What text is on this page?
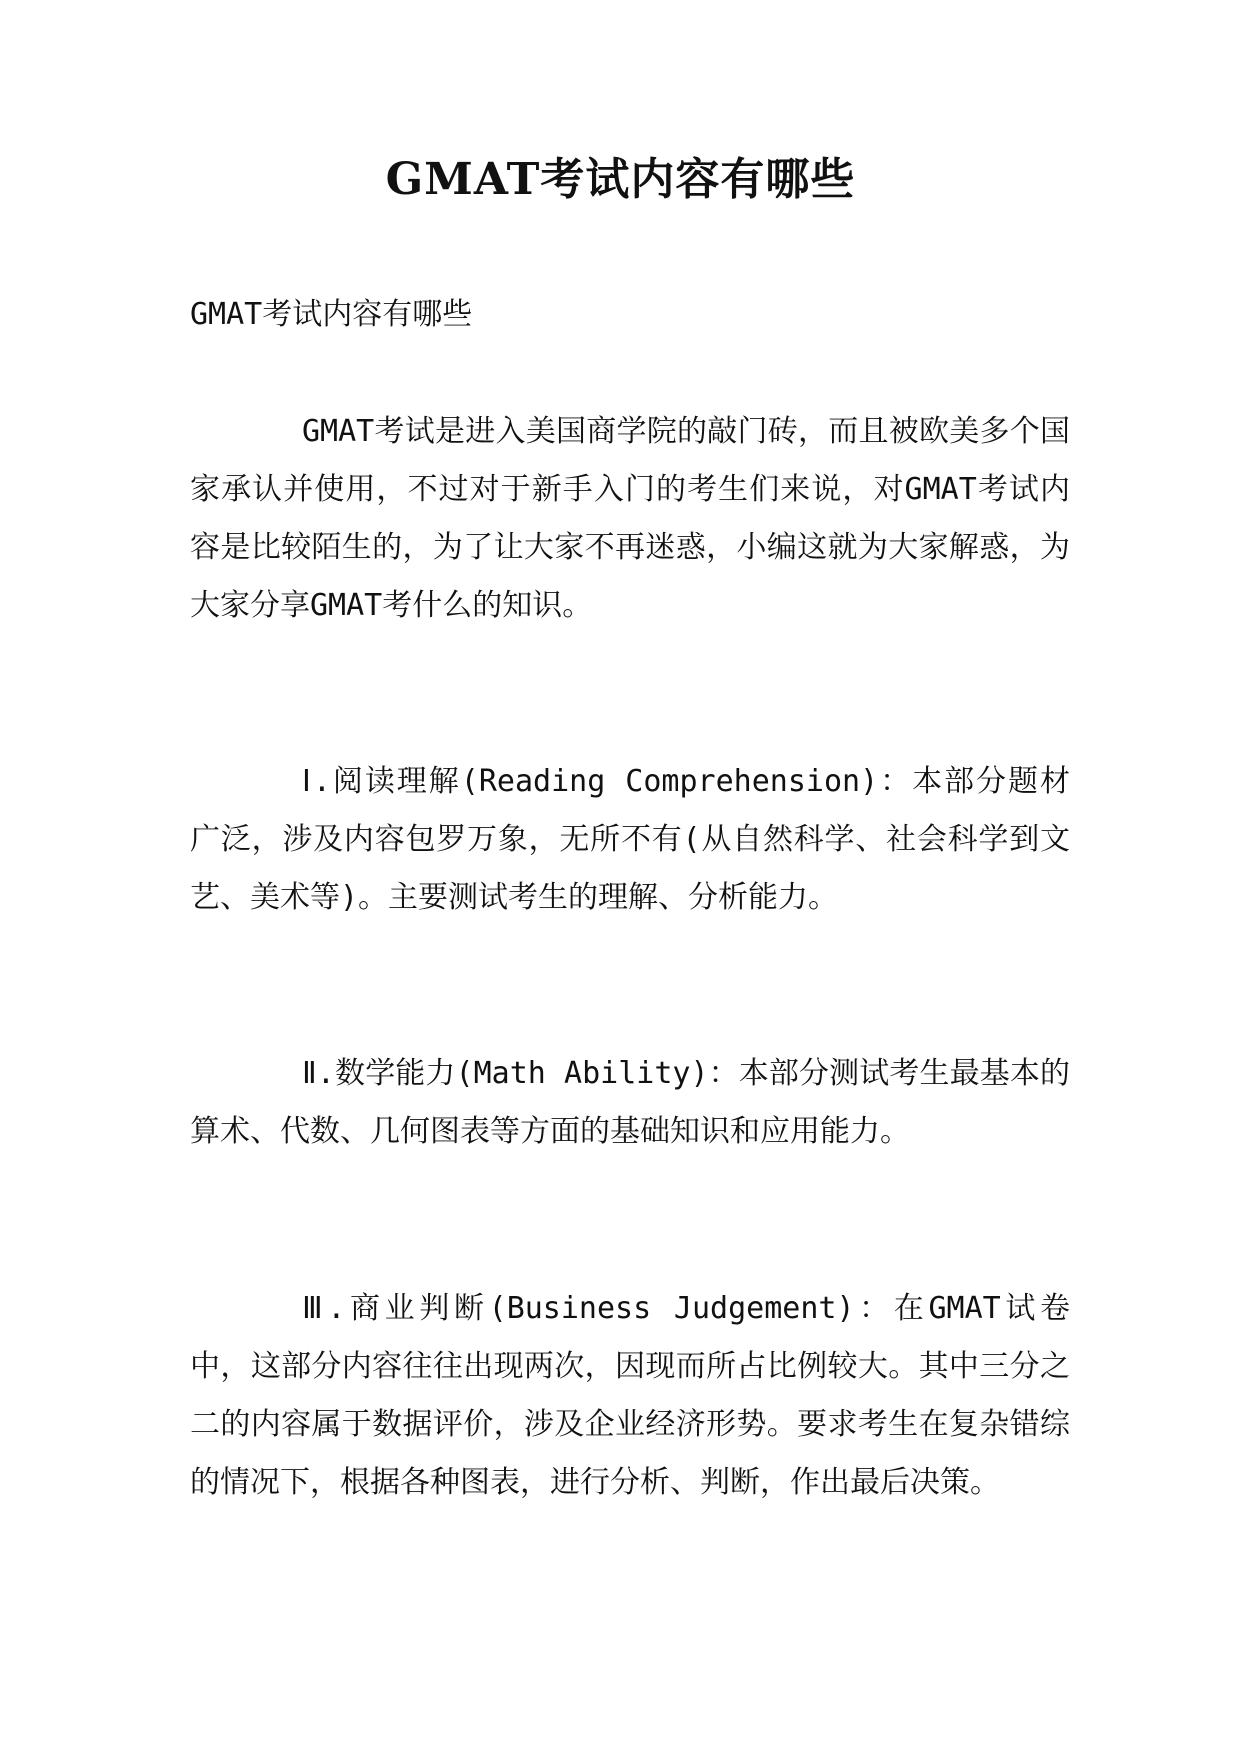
GMAT考试内容有哪些
GMAT考试内容有哪些

GMAT考试是进入美国商学院的敲门砖，而且被欧美多个国家承认并使用，不过对于新手入门的考生们来说，对GMAT考试内容是比较陌生的，为了让大家不再迷惑，小编这就为大家解惑，为大家分享GMAT考什么的知识。

Ⅰ.阅读理解(Reading Comprehension)：本部分题材广泛，涉及内容包罗万象，无所不有(从自然科学、社会科学到文艺、美术等)。主要测试考生的理解、分析能力。

Ⅱ.数学能力(Math Ability)：本部分测试考生最基本的算术、代数、几何图表等方面的基础知识和应用能力。

Ⅲ.商业判断(Business Judgement)：在GMAT试卷中，这部分内容往往出现两次，因现而所占比例较大。其中三分之二的内容属于数据评价，涉及企业经济形势。要求考生在复杂错综的情况下，根据各种图表，进行分析、判断，作出最后决策。
